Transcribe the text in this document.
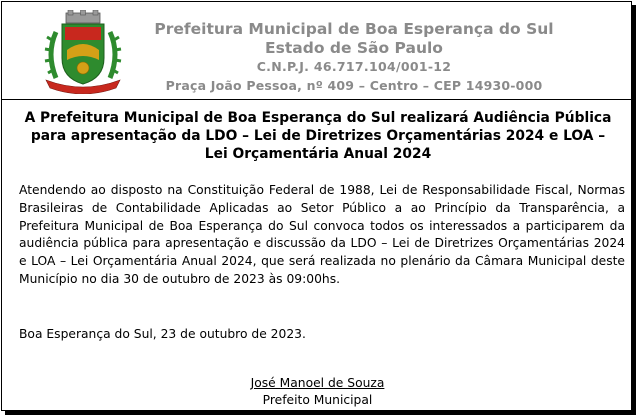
Prefeitura Municipal de Boa Esperança do Sul
Estado de São Paulo
C.N.P.J. 46.717.104/001-12
Praça João Pessoa, nº 409 – Centro – CEP 14930-000
A Prefeitura Municipal de Boa Esperança do Sul realizará Audiência Pública para apresentação da LDO – Lei de Diretrizes Orçamentárias 2024 e LOA – Lei Orçamentária Anual 2024
Atendendo ao disposto na Constituição Federal de 1988, Lei de Responsabilidade Fiscal, Normas Brasileiras de Contabilidade Aplicadas ao Setor Público a ao Princípio da Transparência, a Prefeitura Municipal de Boa Esperança do Sul convoca todos os interessados a participarem da audiência pública para apresentação e discussão da LDO – Lei de Diretrizes Orçamentárias 2024 e LOA – Lei Orçamentária Anual 2024, que será realizada no plenário da Câmara Municipal deste Município no dia 30 de outubro de 2023 às 09:00hs.
Boa Esperança do Sul, 23 de outubro de 2023.
José Manoel de Souza
Prefeito Municipal
